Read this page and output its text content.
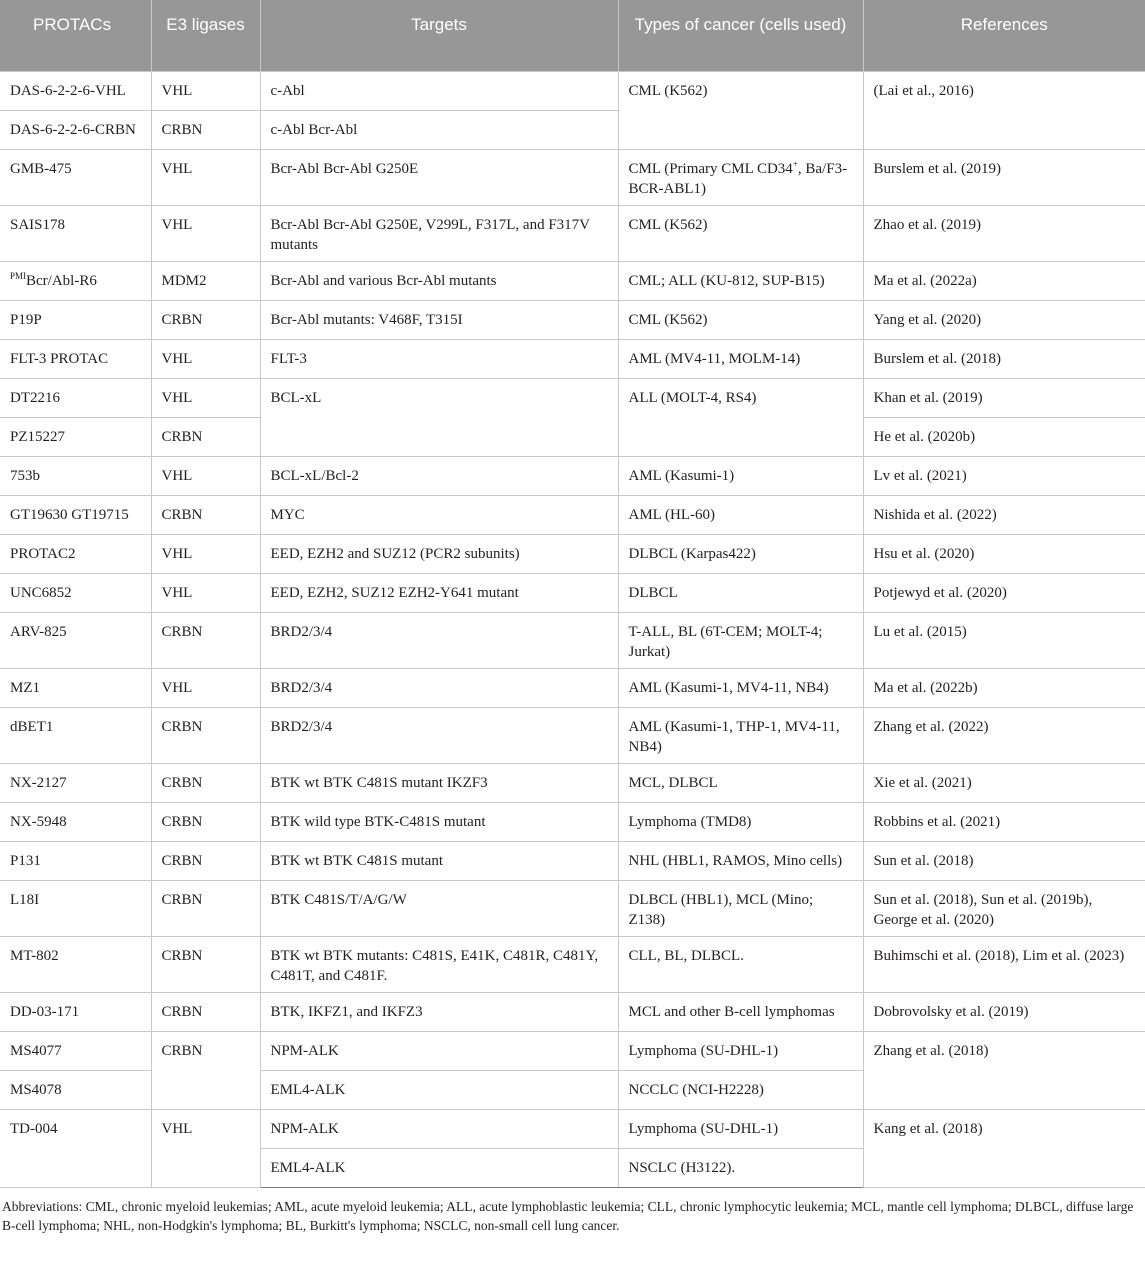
PROTACs	E3 ligases	Targets	Types of cancer (cells used)	References
DAS-6-2-2-6-VHL	VHL	c-Abl	CML (K562)	(Lai et al., 2016)
DAS-6-2-2-6-CRBN	CRBN	c-Abl Bcr-Abl		
GMB-475	VHL	Bcr-Abl Bcr-Abl G250E	CML (Primary CML CD34+, Ba/F3-BCR-ABL1)	Burslem et al. (2019)
SAIS178	VHL	Bcr-Abl Bcr-Abl G250E, V299L, F317L, and F317V mutants	CML (K562)	Zhao et al. (2019)
$^{PMI}$Bcr/Abl-R6	MDM2	Bcr-Abl and various Bcr-Abl mutants	CML; ALL (KU-812, SUP-B15)	Ma et al. (2022a)
P19P	CRBN	Bcr-Abl mutants: V468F, T315I	CML (K562)	Yang et al. (2020)
FLT-3 PROTAC	VHL	FLT-3	AML (MV4-11, MOLM-14)	Burslem et al. (2018)
DT2216	VHL	BCL-xL	ALL (MOLT-4, RS4)	Khan et al. (2019)
PZ15227	CRBN			He et al. (2020b)
753b	VHL	BCL-xL/Bcl-2	AML (Kasumi-1)	Lv et al. (2021)
GT19630 GT19715	CRBN	MYC	AML (HL-60)	Nishida et al. (2022)
PROTAC2	VHL	EED, EZH2 and SUZ12 (PCR2 subunits)	DLBCL (Karpas422)	Hsu et al. (2020)
UNC6852	VHL	EED, EZH2, SUZ12 EZH2-Y641 mutant	DLBCL	Potjewyd et al. (2020)
ARV-825	CRBN	BRD2/3/4	T-ALL, BL (6T-CEM; MOLT-4; Jurkat)	Lu et al. (2015)
MZ1	VHL	BRD2/3/4	AML (Kasumi-1, MV4-11, NB4)	Ma et al. (2022b)
dBET1	CRBN	BRD2/3/4	AML (Kasumi-1, THP-1, MV4-11, NB4)	Zhang et al. (2022)
NX-2127	CRBN	BTK wt BTK C481S mutant IKZF3	MCL, DLBCL	Xie et al. (2021)
NX-5948	CRBN	BTK wild type BTK-C481S mutant	Lymphoma (TMD8)	Robbins et al. (2021)
P131	CRBN	BTK wt BTK C481S mutant	NHL (HBL1, RAMOS, Mino cells)	Sun et al. (2018)
L18I	CRBN	BTK C481S/T/A/G/W	DLBCL (HBL1), MCL (Mino; Z138)	Sun et al. (2018), Sun et al. (2019b), George et al. (2020)
MT-802	CRBN	BTK wt BTK mutants: C481S, E41K, C481R, C481Y, C481T, and C481F.	CLL, BL, DLBCL.	Buhimschi et al. (2018), Lim et al. (2023)
DD-03-171	CRBN	BTK, IKFZ1, and IKFZ3	MCL and other B-cell lymphomas	Dobrovolsky et al. (2019)
MS4077	CRBN	NPM-ALK	Lymphoma (SU-DHL-1)	Zhang et al. (2018)
MS4078		EML4-ALK	NCCLC (NCI-H2228)	
TD-004	VHL	NPM-ALK	Lymphoma (SU-DHL-1)	Kang et al. (2018)
		EML4-ALK	NSCLC (H3122).	
Abbreviations: CML, chronic myeloid leukemias; AML, acute myeloid leukemia; ALL, acute lymphoblastic leukemia; CLL, chronic lymphocytic leukemia; MCL, mantle cell lymphoma; DLBCL, diffuse large B-cell lymphoma; NHL, non-Hodgkin's lymphoma; BL, Burkitt's lymphoma; NSCLC, non-small cell lung cancer.
